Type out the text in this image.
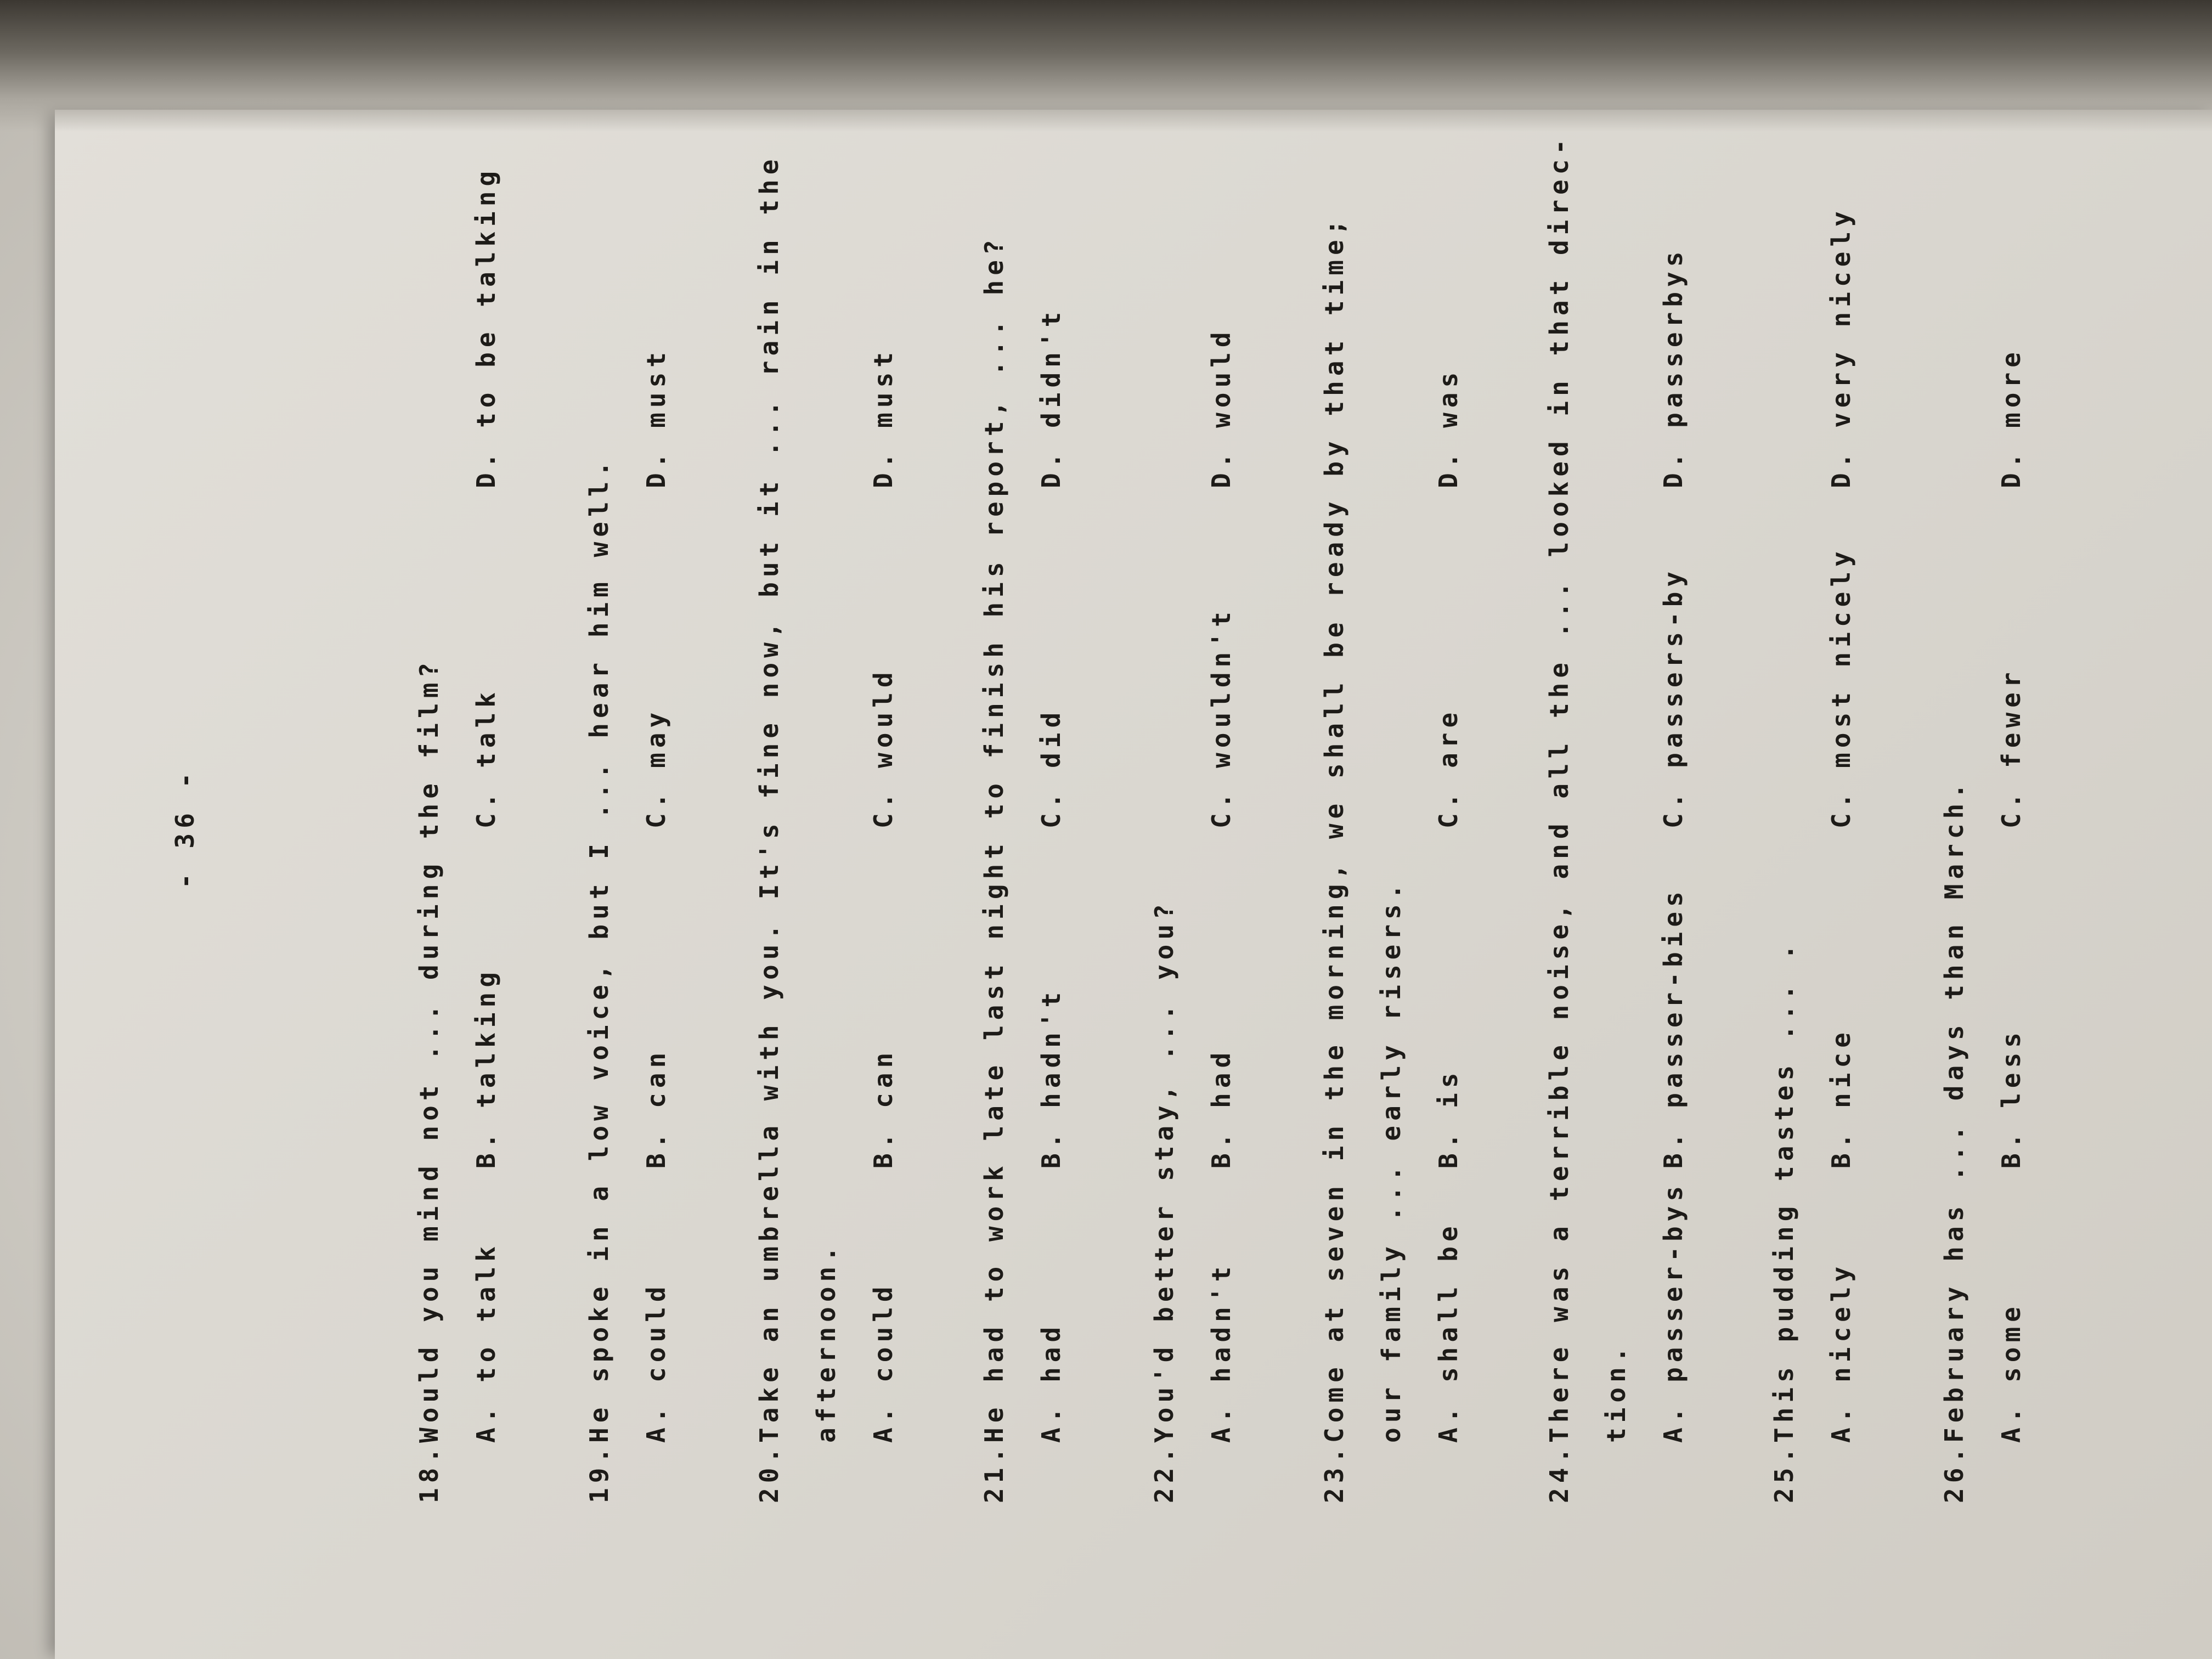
- 36 -
18.Would you mind not ... during the film?	A. to talk
B. talking
C. talk
D. to be talking
19.He spoke in a low voice, but I ... hear him well.	A. could
B. can
C. may
D. must
20.Take an umbrella with you. It's fine now, but it ... rain in the	afternoon.	A. could
B. can
C. would
D. must
21.He had to work late last night to finish his report, ... he?	A. had
B. hadn't
C. did
D. didn't
22.You'd better stay, ... you?	A. hadn't
B. had
C. wouldn't
D. would
23.Come at seven in the morning, we shall be ready by that time;	our family ... early risers.	A. shall be
B. is
C. are
D. was
24.There was a terrible noise, and all the ... looked in that direc-	tion.	A. passer-bys
B. passer-bies
C. passers-by
D. passerbys
25.This pudding tastes ... .	A. nicely
B. nice
C. most nicely
D. very nicely
26.February has ... days than March.	A. some
B. less
C. fewer
D. more
